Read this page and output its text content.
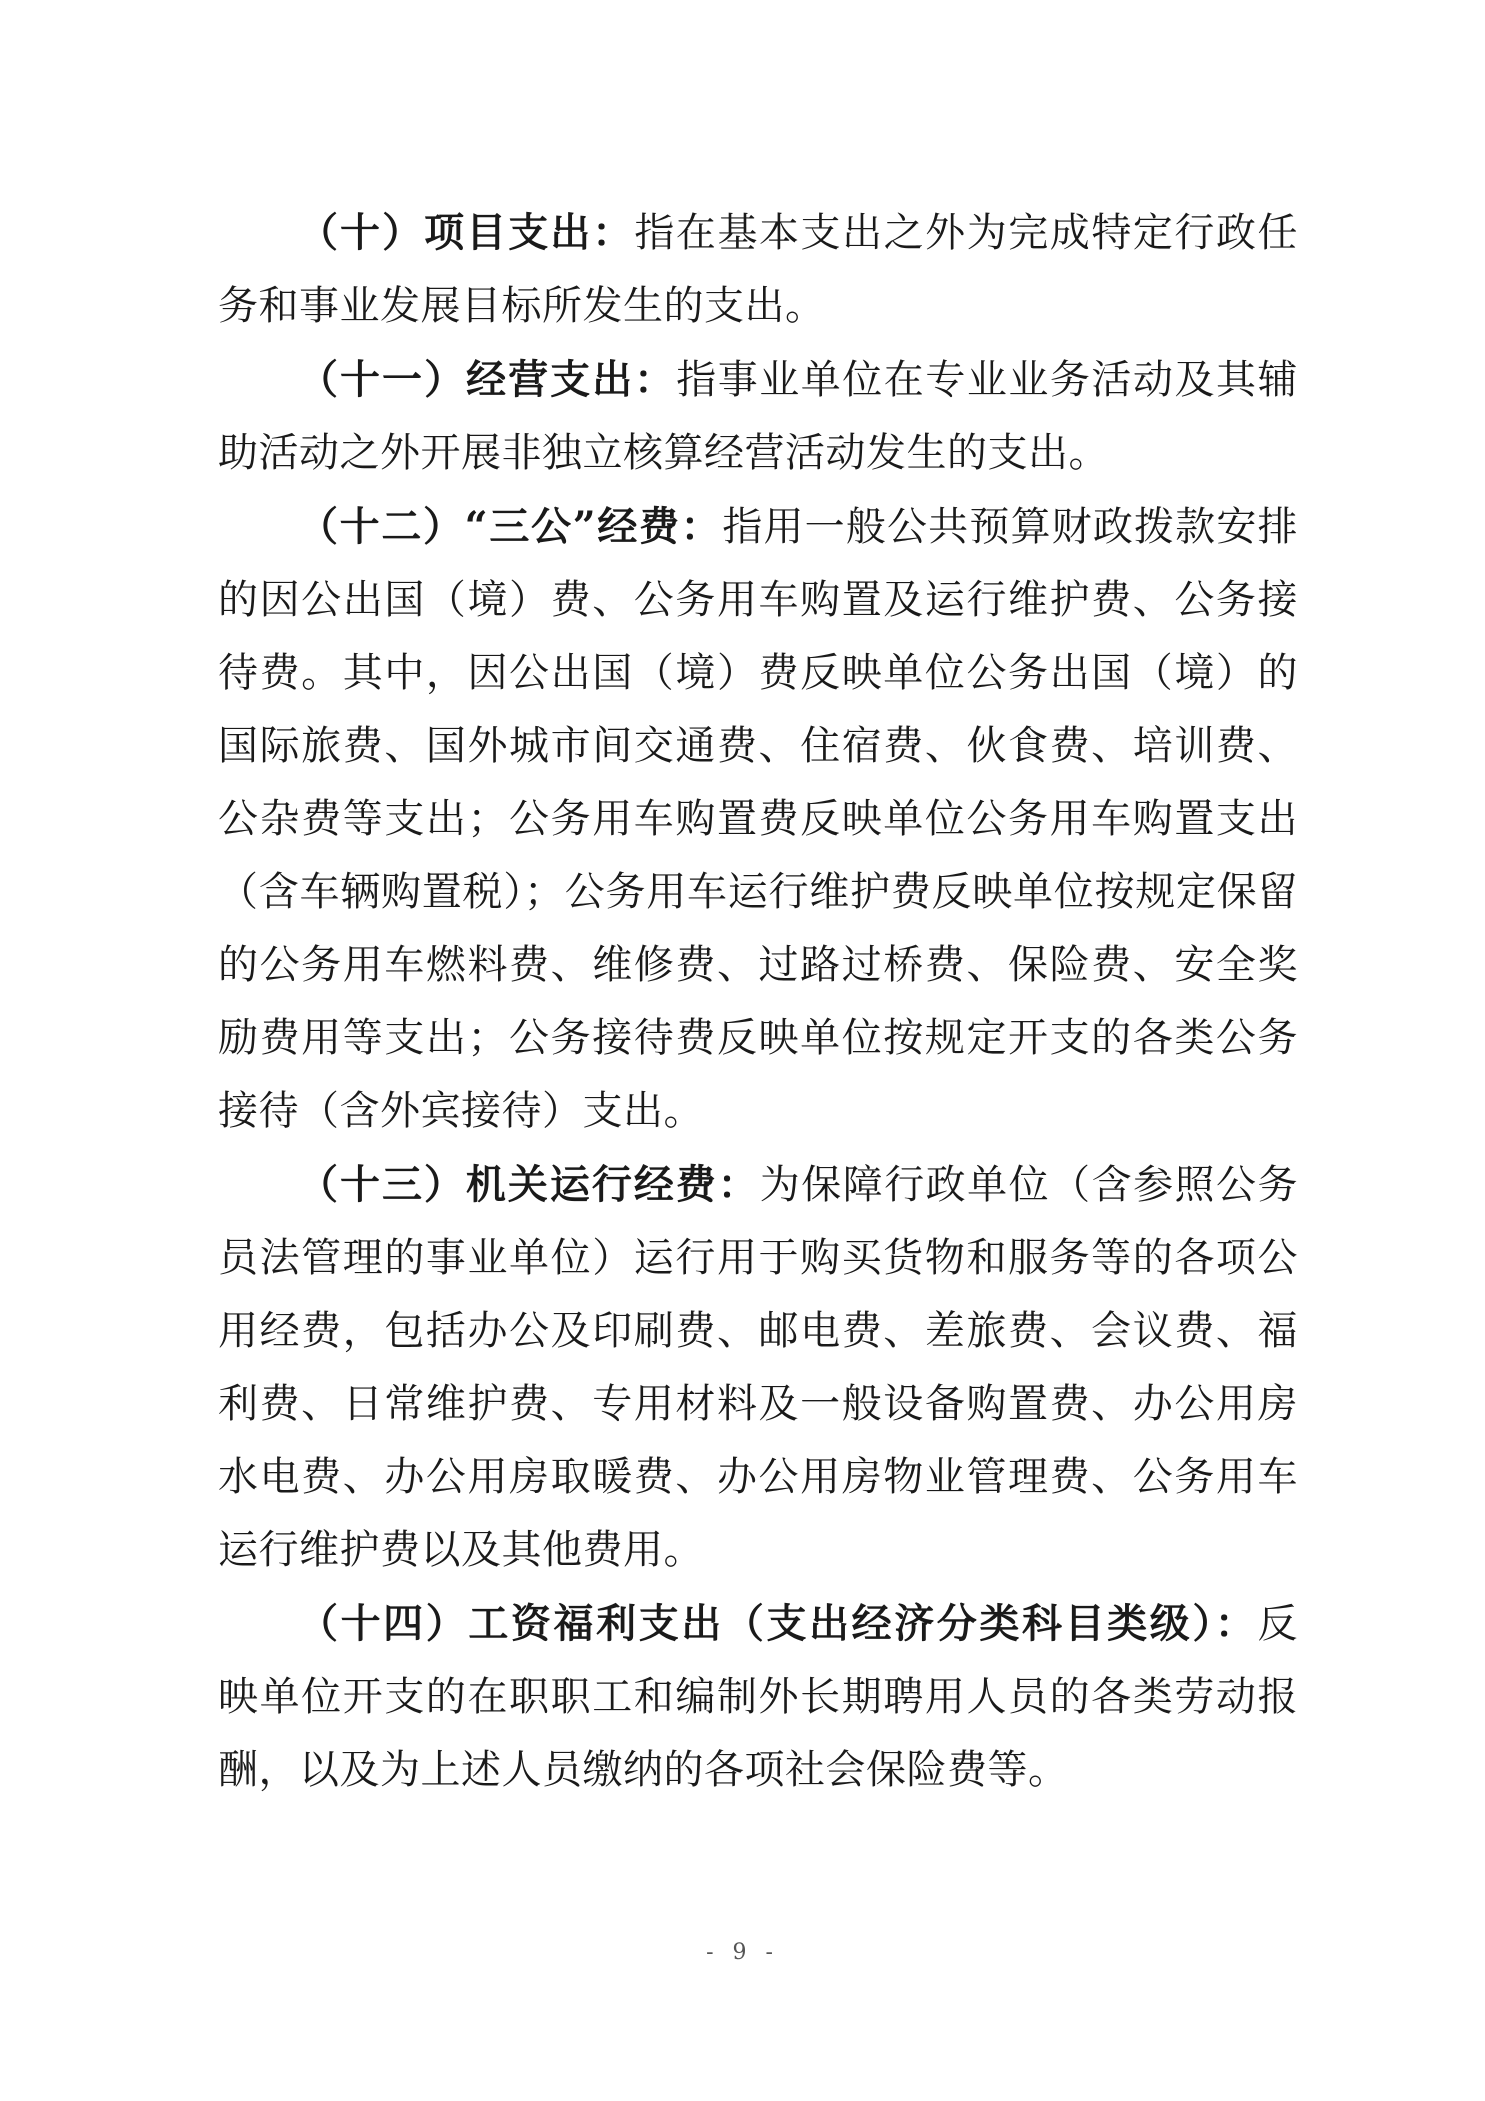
（十）项目支出：指在基本支出之外为完成特定行政任务和事业发展目标所发生的支出。

（十一）经营支出：指事业单位在专业业务活动及其辅助活动之外开展非独立核算经营活动发生的支出。

（十二）“三公”经费：指用一般公共预算财政拨款安排的因公出国（境）费、公务用车购置及运行维护费、公务接待费。其中，因公出国（境）费反映单位公务出国（境）的国际旅费、国外城市间交通费、住宿费、伙食费、培训费、公杂费等支出；公务用车购置费反映单位公务用车购置支出（含车辆购置税）；公务用车运行维护费反映单位按规定保留的公务用车燃料费、维修费、过路过桥费、保险费、安全奖励费用等支出；公务接待费反映单位按规定开支的各类公务接待（含外宾接待）支出。

（十三）机关运行经费：为保障行政单位（含参照公务员法管理的事业单位）运行用于购买货物和服务等的各项公用经费，包括办公及印刷费、邮电费、差旅费、会议费、福利费、日常维护费、专用材料及一般设备购置费、办公用房水电费、办公用房取暖费、办公用房物业管理费、公务用车运行维护费以及其他费用。

（十四）工资福利支出（支出经济分类科目类级）：反映单位开支的在职职工和编制外长期聘用人员的各类劳动报酬，以及为上述人员缴纳的各项社会保险费等。

- 9 -
